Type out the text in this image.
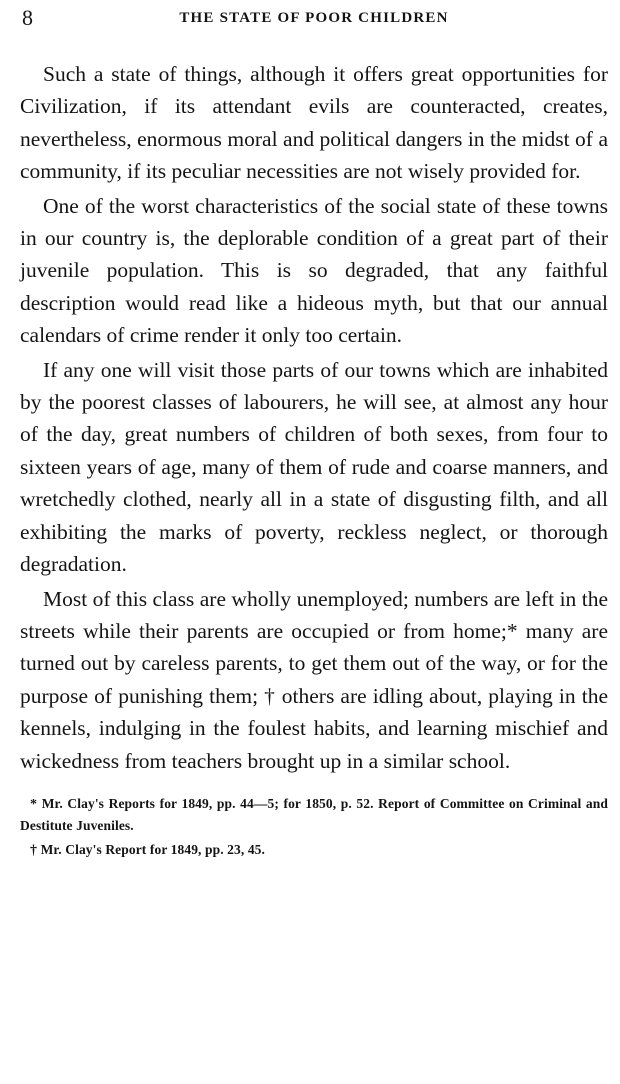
8	THE STATE OF POOR CHILDREN

Such a state of things, although it offers great opportunities for Civilization, if its attendant evils are counteracted, creates, nevertheless, enormous moral and political dangers in the midst of a community, if its peculiar necessities are not wisely provided for.

One of the worst characteristics of the social state of these towns in our country is, the deplorable condition of a great part of their juvenile population. This is so degraded, that any faithful description would read like a hideous myth, but that our annual calendars of crime render it only too certain.

If any one will visit those parts of our towns which are inhabited by the poorest classes of labourers, he will see, at almost any hour of the day, great numbers of children of both sexes, from four to sixteen years of age, many of them of rude and coarse manners, and wretchedly clothed, nearly all in a state of disgusting filth, and all exhibiting the marks of poverty, reckless neglect, or thorough degradation.

Most of this class are wholly unemployed; numbers are left in the streets while their parents are occupied or from home;* many are turned out by careless parents, to get them out of the way, or for the purpose of punishing them; † others are idling about, playing in the kennels, indulging in the foulest habits, and learning mischief and wickedness from teachers brought up in a similar school.

* Mr. Clay's Reports for 1849, pp. 44—5; for 1850, p. 52. Report of Committee on Criminal and Destitute Juveniles.

† Mr. Clay's Report for 1849, pp. 23, 45.
